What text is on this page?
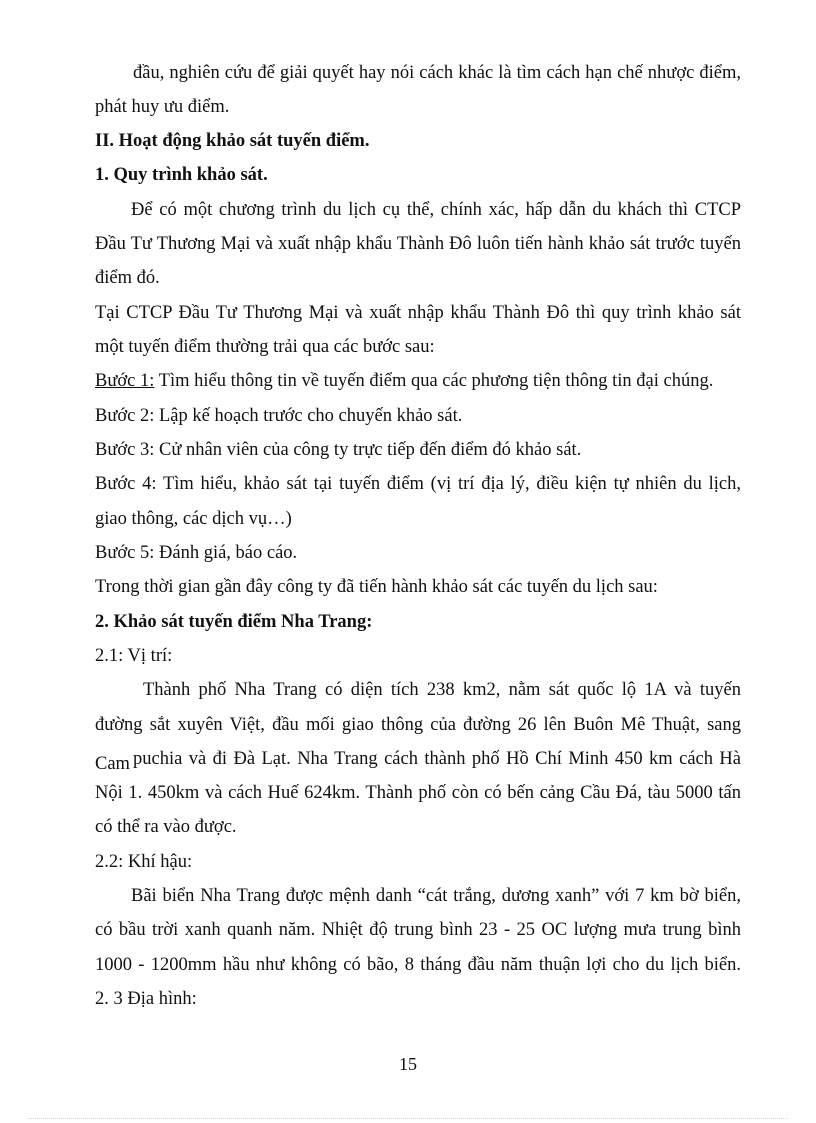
đầu, nghiên cứu để giải quyết hay nói cách khác là tìm cách hạn chế nhược điểm,
phát huy ưu điểm.
II. Hoạt động khảo sát tuyến điểm.
1. Quy trình khảo sát.
Để có một chương trình du lịch cụ thể, chính xác, hấp dẫn du khách thì CTCP
Đầu Tư Thương Mại và xuất nhập khẩu Thành Đô luôn tiến hành khảo sát trước tuyến
điểm đó.
Tại CTCP Đầu Tư Thương Mại và xuất nhập khẩu Thành Đô thì quy trình khảo sát
một tuyến điểm thường trải qua các bước sau:
Bước 1: Tìm hiểu thông tin về tuyến điểm qua các phương tiện thông tin đại chúng.
Bước 2: Lập kế hoạch trước cho chuyến khảo sát.
Bước 3: Cử nhân viên của công ty trực tiếp đến điểm đó khảo sát.
Bước 4: Tìm hiểu, khảo sát tại tuyến điểm (vị trí địa lý, điều kiện tự nhiên du lịch,
giao thông, các dịch vụ…)
Bước 5: Đánh giá, báo cáo.
Trong thời gian gần đây công ty đã tiến hành khảo sát các tuyến du lịch sau:
2. Khảo sát tuyến điểm Nha Trang:
2.1: Vị trí:
Thành phố Nha Trang có diện tích 238 km2, nằm sát quốc lộ 1A và tuyến
đường sắt xuyên Việt, đầu mối giao thông của đường 26 lên Buôn Mê Thuật, sang
Cam puchia và đi Đà Lạt. Nha Trang cách thành phố Hồ Chí Minh 450 km cách Hà
Nội 1. 450km và cách Huế 624km. Thành phố còn có bến cảng Cầu Đá, tàu 5000 tấn
có thể ra vào được.
2.2: Khí hậu:
Bãi biển Nha Trang được mệnh danh “cát trắng, dương xanh” với 7 km bờ biển,
có bầu trời xanh quanh năm. Nhiệt độ trung bình 23 - 25 OC lượng mưa trung bình
1000 - 1200mm hầu như không có bão, 8 tháng đầu năm thuận lợi cho du lịch biển.
2. 3 Địa hình:
15
